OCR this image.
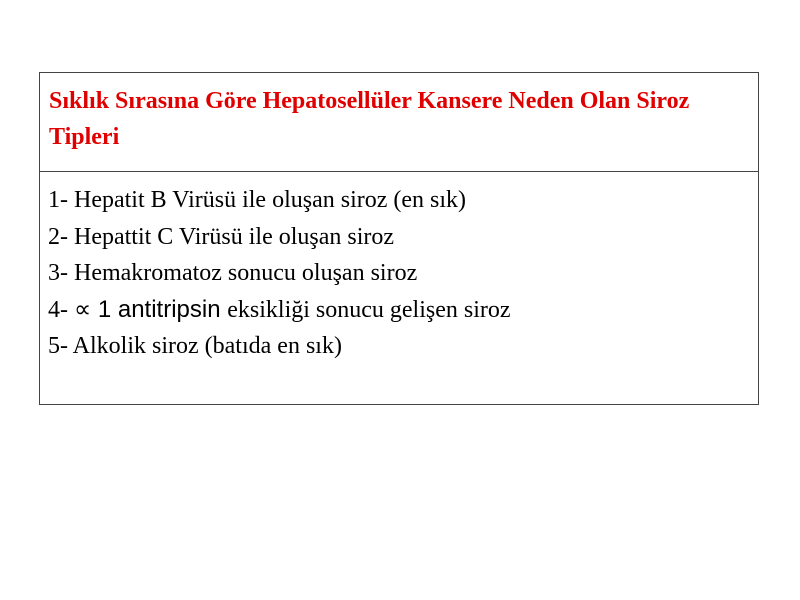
Sıklık Sırasına Göre Hepatosellüler Kansere Neden Olan Siroz Tipleri

1- Hepatit B Virüsü ile oluşan siroz (en sık)
2- Hepattit C Virüsü ile oluşan siroz
3- Hemakromatoz sonucu oluşan siroz
4- ∝ 1 antitripsin eksikliği sonucu gelişen siroz
5- Alkolik siroz (batıda en sık)
